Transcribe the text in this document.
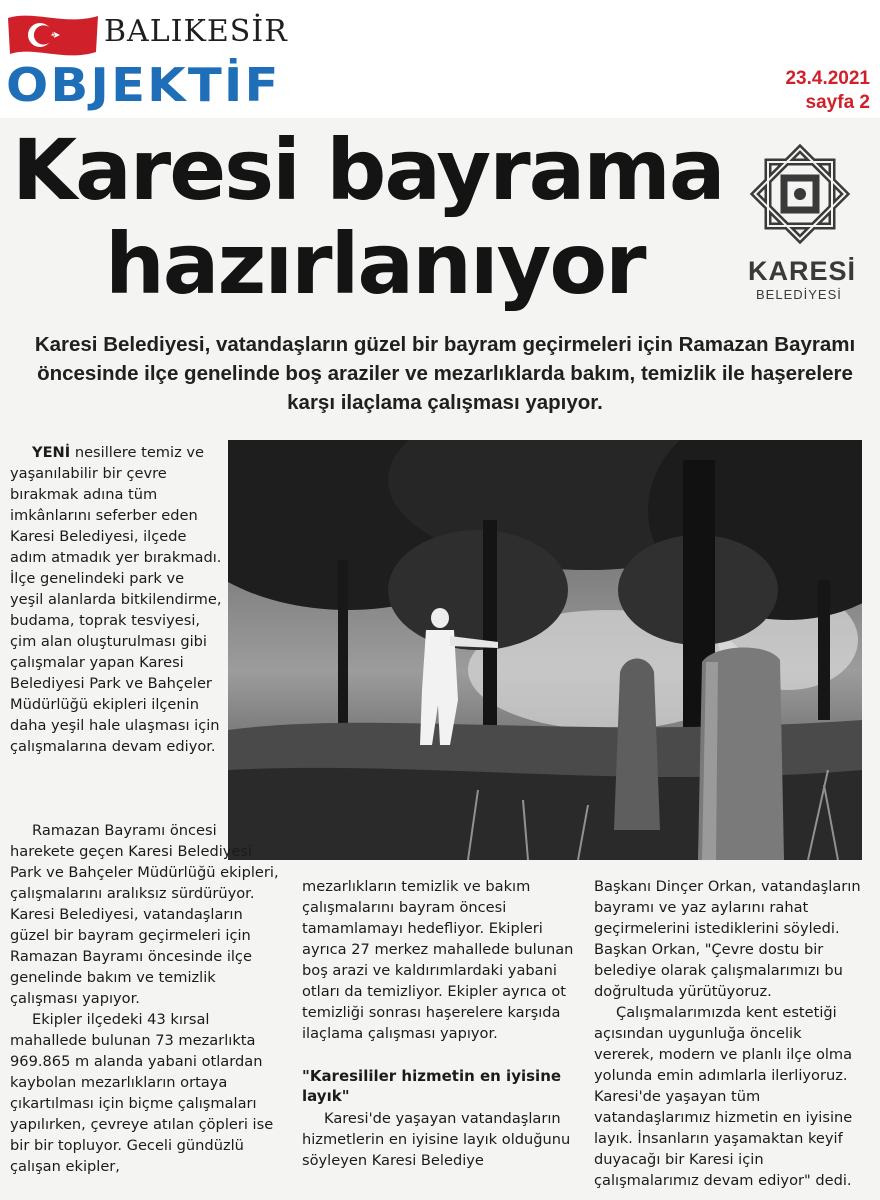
BALIKESİR
OBJEKTİF	23.4.2021
sayfa 2
Karesi bayrama
hazırlanıyor	KARESİ
BELEDİYESİ
Karesi Belediyesi, vatandaşların güzel bir bayram geçirmeleri için Ramazan Bayramı öncesinde ilçe genelinde boş araziler ve mezarlıklarda bakım, temizlik ile haşerelere karşı ilaçlama çalışması yapıyor.

YENİ nesillere temiz ve yaşanılabilir bir çevre bırakmak adına tüm imkânlarını seferber eden Karesi Belediyesi, ilçede adım atmadık yer bırakmadı. İlçe genelindeki park ve yeşil alanlarda bitkilendirme, budama, toprak tesviyesi, çim alan oluşturulması gibi çalışmalar yapan Karesi Belediyesi Park ve Bahçeler Müdürlüğü ekipleri ilçenin daha yeşil hale ulaşması için çalışmalarına devam ediyor.

Ramazan Bayramı öncesi harekete geçen Karesi Belediyesi Park ve Bahçeler Müdürlüğü ekipleri, çalışmalarını aralıksız sürdürüyor. Karesi Belediyesi, vatandaşların güzel bir bayram geçirmeleri için Ramazan Bayramı öncesinde ilçe genelinde bakım ve temizlik çalışması yapıyor.

Ekipler ilçedeki 43 kırsal mahallede bulunan 73 mezarlıkta 969.865 m alanda yabani otlardan kaybolan mezarlıkların ortaya çıkartılması için biçme çalışmaları yapılırken, çevreye atılan çöpleri ise bir bir topluyor. Geceli gündüzlü çalışan ekipler,

mezarlıkların temizlik ve bakım çalışmalarını bayram öncesi tamamlamayı hedefliyor. Ekipleri ayrıca 27 merkez mahallede bulunan boş arazi ve kaldırımlardaki yabani otları da temizliyor. Ekipler ayrıca ot temizliği sonrası haşerelere karşıda ilaçlama çalışması yapıyor.

"Karesililer hizmetin en iyisine layık"

Karesi'de yaşayan vatandaşların hizmetlerin en iyisine layık olduğunu söyleyen Karesi Belediye

Başkanı Dinçer Orkan, vatandaşların bayramı ve yaz aylarını rahat geçirmelerini istediklerini söyledi. Başkan Orkan, "Çevre dostu bir belediye olarak çalışmalarımızı bu doğrultuda yürütüyoruz.

Çalışmalarımızda kent estetiği açısından uygunluğa öncelik vererek, modern ve planlı ilçe olma yolunda emin adımlarla ilerliyoruz. Karesi'de yaşayan tüm vatandaşlarımız hizmetin en iyisine layık. İnsanların yaşamaktan keyif duyacağı bir Karesi için çalışmalarımız devam ediyor" dedi.
